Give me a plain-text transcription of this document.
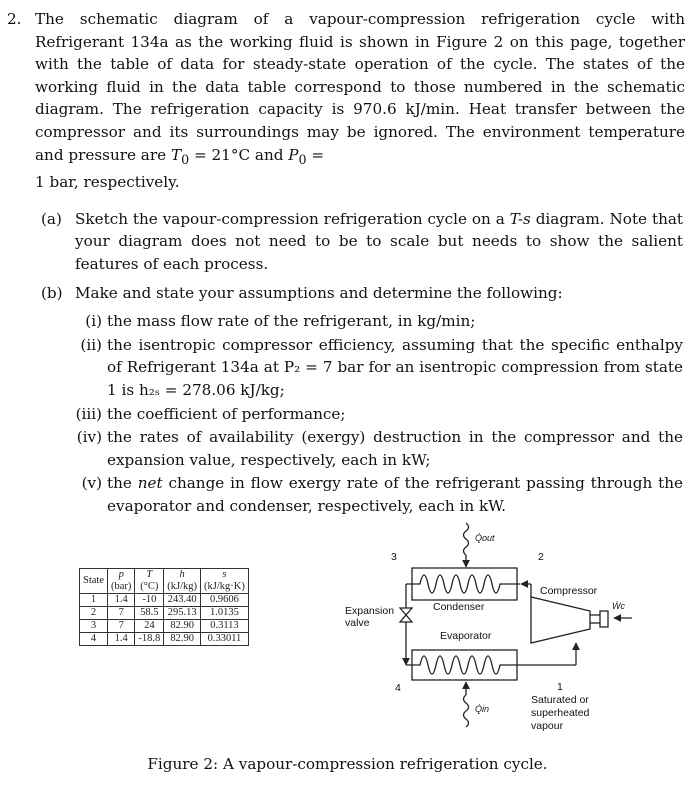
2. The schematic diagram of a vapour-compression refrigeration cycle with Refrigerant 134a as the working fluid is shown in Figure 2 on this page, together with the table of data for steady-state operation of the cycle. The states of the working fluid in the data table correspond to those numbered in the schematic diagram. The refrigeration capacity is 970.6 kJ/min. Heat transfer between the compressor and its surroundings may be ignored. The environment temperature and pressure are $T_0 = 21^\circ C$ and $P_0$ =
1 bar, respectively.
(a) Sketch the vapour-compression refrigeration cycle on a T-s diagram. Note that your diagram does not need to be to scale but needs to show the salient features of each process.
(b) Make and state your assumptions and determine the following:
(i) the mass flow rate of the refrigerant, in kg/min;
(ii) the isentropic compressor efficiency, assuming that the specific enthalpy of Refrigerant 134a at P₂ = 7 bar for an isentropic compression from state 1 is h₂ₛ = 278.06 kJ/kg;
(iii) the coefficient of performance;
(iv) the rates of availability (exergy) destruction in the compressor and the expansion value, respectively, each in kW;
(v) the net change in flow exergy rate of the refrigerant passing through the evaporator and condenser, respectively, each in kW.
State	p	T	h	s
	(bar)	(°C)	(kJ/kg)	(kJ/kg·K)
1	1.4	-10	243.40	0.9606
2	7	58.5	295.13	1.0135
3	7	24	82.90	0.3113
4	1.4	-18.8	82.90	0.33011
3	2
4	1
Q̇out
Q̇in
Ẇc
Condenser
Evaporator
Compressor
Expansion
valve
Saturated or
superheated
vapour
Figure 2: A vapour-compression refrigeration cycle.
